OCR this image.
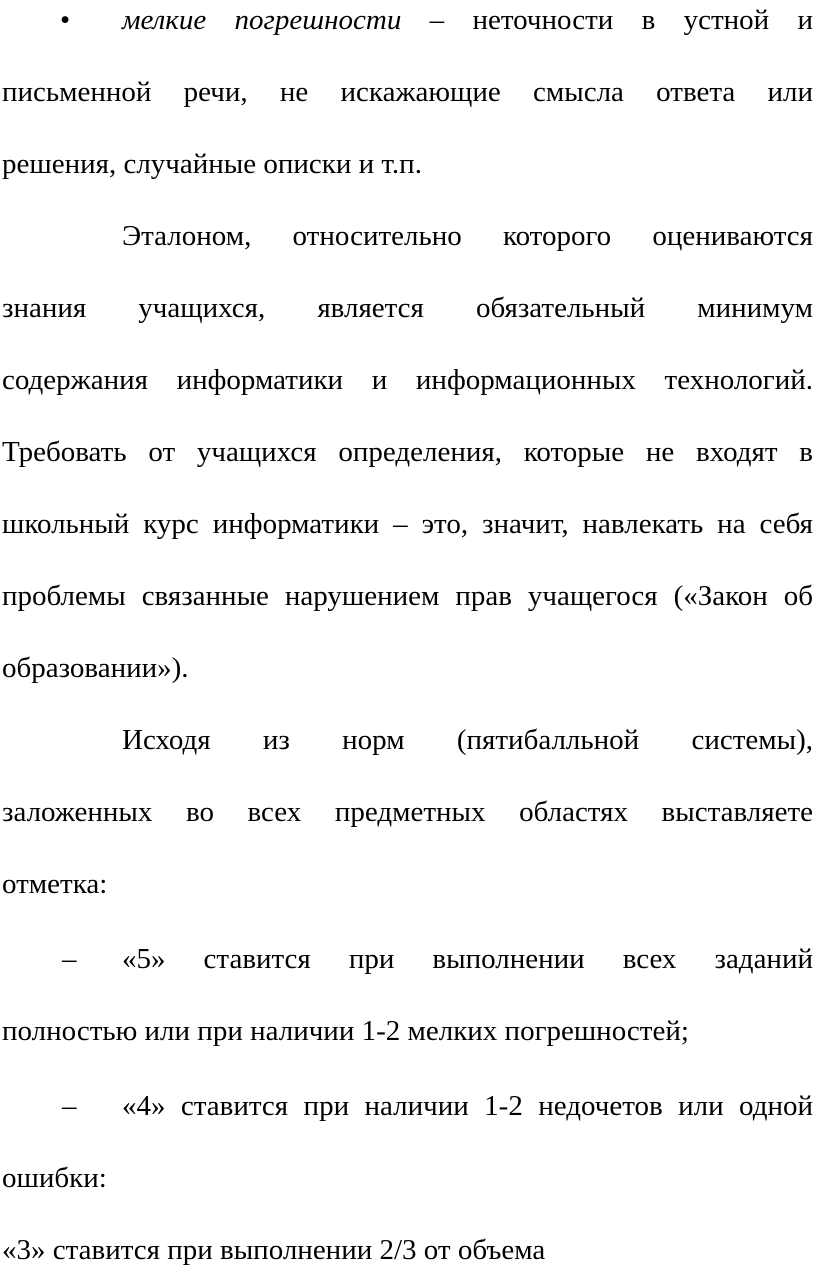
• мелкие погрешности – неточности в устной и
письменной речи, не искажающие смысла ответа или
решения, случайные описки и т.п.
Эталоном, относительно которого оцениваются
знания учащихся, является обязательный минимум
содержания информатики и информационных технологий.
Требовать от учащихся определения, которые не входят в
школьный курс информатики – это, значит, навлекать на себя
проблемы связанные нарушением прав учащегося («Закон об
образовании»).
Исходя из норм (пятибалльной системы),
заложенных во всех предметных областях выставляете
отметка:
– «5» ставится при выполнении всех заданий
полностью или при наличии 1-2 мелких погрешностей;
– «4» ставится при наличии 1-2 недочетов или одной
ошибки:
«3» ставится при выполнении 2/3 от объема
